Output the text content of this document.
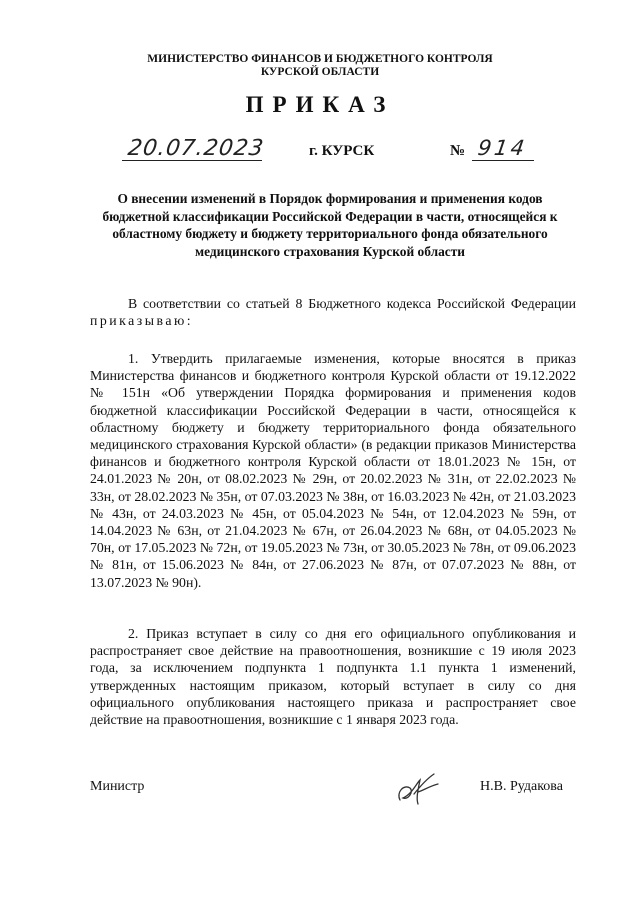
МИНИСТЕРСТВО ФИНАНСОВ И БЮДЖЕТНОГО КОНТРОЛЯ
КУРСКОЙ ОБЛАСТИ
ПРИКАЗ
20.07.2023	г. КУРСК	№ 914
О внесении изменений в Порядок формирования и применения кодов бюджетной классификации Российской Федерации в части, относящейся к областному бюджету и бюджету территориального фонда обязательного медицинского страхования Курской области
В соответствии со статьей 8 Бюджетного кодекса Российской Федерации приказываю:
1. Утвердить прилагаемые изменения, которые вносятся в приказ Министерства финансов и бюджетного контроля Курской области от 19.12.2022 № 151н «Об утверждении Порядка формирования и применения кодов бюджетной классификации Российской Федерации в части, относящейся к областному бюджету и бюджету территориального фонда обязательного медицинского страхования Курской области» (в редакции приказов Министерства финансов и бюджетного контроля Курской области от 18.01.2023 № 15н, от 24.01.2023 № 20н, от 08.02.2023 № 29н, от 20.02.2023 № 31н, от 22.02.2023 № 33н, от 28.02.2023 № 35н, от 07.03.2023 № 38н, от 16.03.2023 № 42н, от 21.03.2023 № 43н, от 24.03.2023 № 45н, от 05.04.2023 № 54н, от 12.04.2023 № 59н, от 14.04.2023 № 63н, от 21.04.2023 № 67н, от 26.04.2023 № 68н, от 04.05.2023 № 70н, от 17.05.2023 № 72н, от 19.05.2023 № 73н, от 30.05.2023 № 78н, от 09.06.2023 № 81н, от 15.06.2023 № 84н, от 27.06.2023 № 87н, от 07.07.2023 № 88н, от 13.07.2023 № 90н).
2. Приказ вступает в силу со дня его официального опубликования и распространяет свое действие на правоотношения, возникшие с 19 июля 2023 года, за исключением подпункта 1 подпункта 1.1 пункта 1 изменений, утвержденных настоящим приказом, который вступает в силу со дня официального опубликования настоящего приказа и распространяет свое действие на правоотношения, возникшие с 1 января 2023 года.
Министр	Н.В. Рудакова
